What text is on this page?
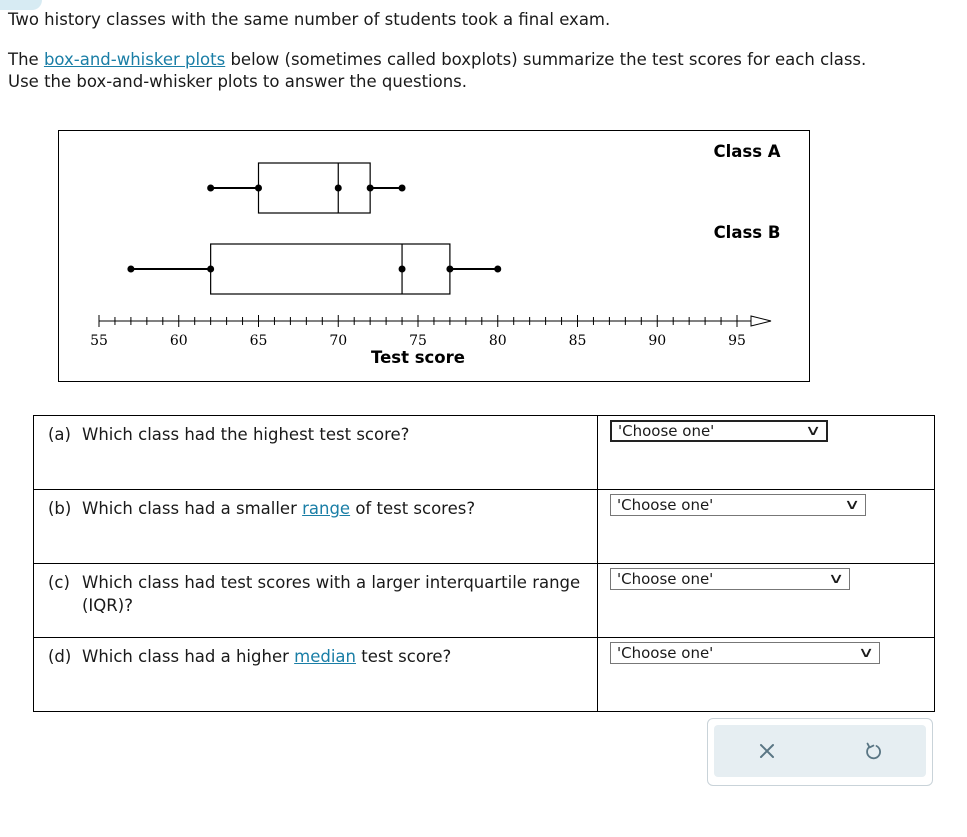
Two history classes with the same number of students took a final exam.

The box-and-whisker plots below (sometimes called boxplots) summarize the test scores for each class.
Use the box-and-whisker plots to answer the questions.

55	60	65	70	75	80	85	90	95
Test score
Class A
Class B
(a) Which class had the highest test score?	'Choose one' ∨

(b) Which class had a smaller range of test scores?	'Choose one' ∨

(c) Which class had test scores with a larger interquartile range (IQR)?	'Choose one' ∨

(d) Which class had a higher median test score?	'Choose one' ∨
